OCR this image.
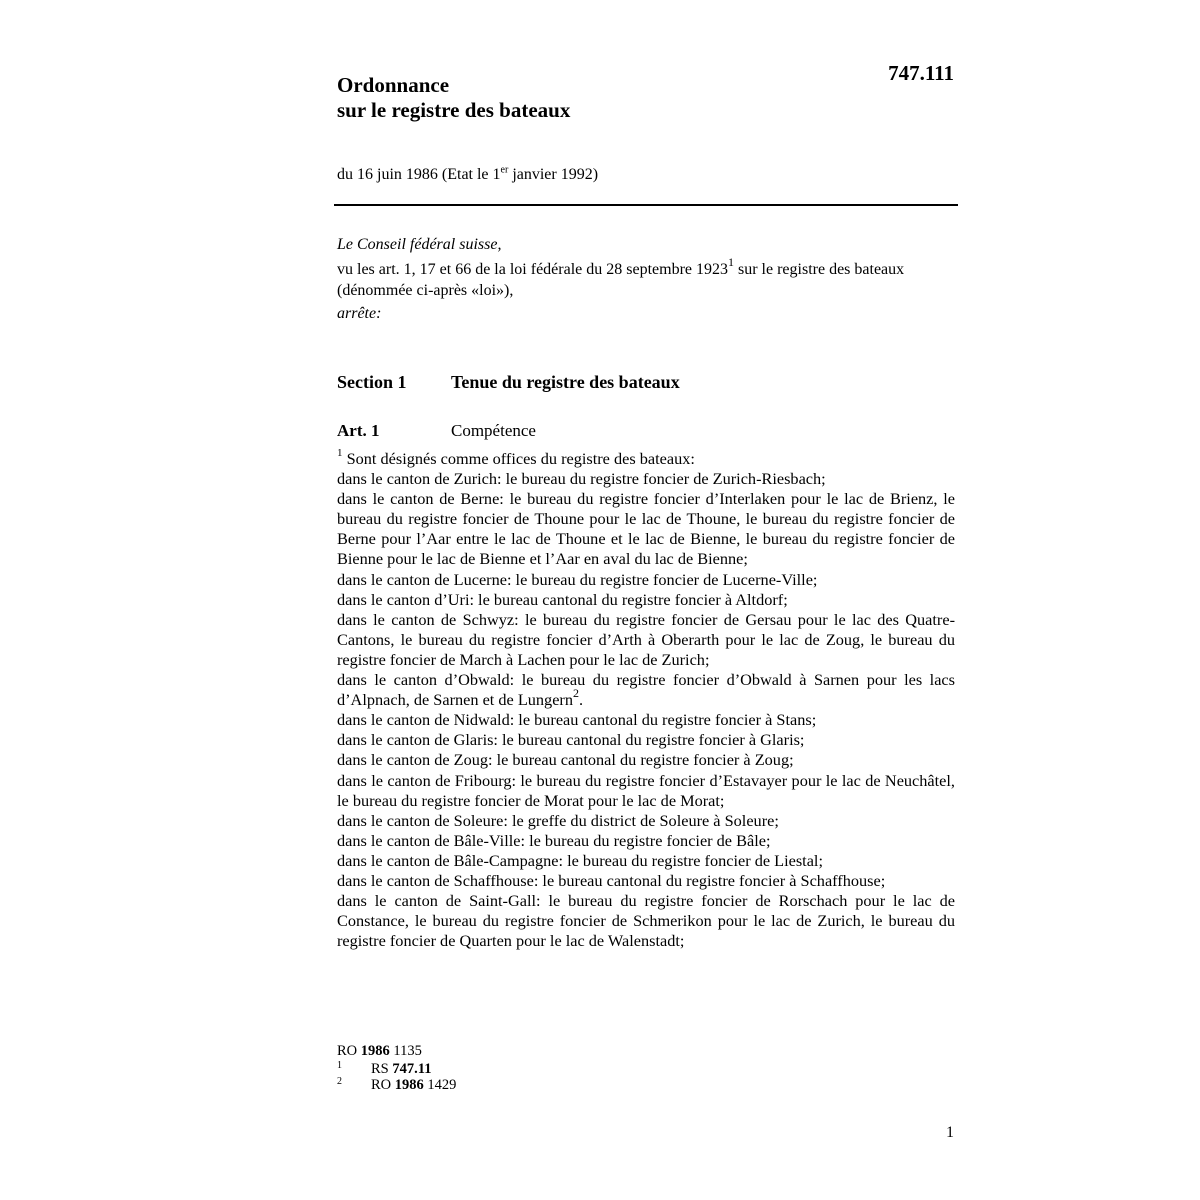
747.111
Ordonnance
sur le registre des bateaux
du 16 juin 1986 (Etat le 1er janvier 1992)

Le Conseil fédéral suisse,

vu les art. 1, 17 et 66 de la loi fédérale du 28 septembre 1923$^1$ sur le registre des bateaux (dénommée ci-après «loi»),

arrête:

Section 1 Tenue du registre des bateaux
Art. 1	Compétence

$^1$ Sont désignés comme offices du registre des bateaux:

dans le canton de Zurich: le bureau du registre foncier de Zurich-Riesbach;

dans le canton de Berne: le bureau du registre foncier d’Interlaken pour le lac de Brienz, le bureau du registre foncier de Thoune pour le lac de Thoune, le bureau du registre foncier de Berne pour l’Aar entre le lac de Thoune et le lac de Bienne, le bureau du registre foncier de Bienne pour le lac de Bienne et l’Aar en aval du lac de Bienne;

dans le canton de Lucerne: le bureau du registre foncier de Lucerne-Ville;

dans le canton d’Uri: le bureau cantonal du registre foncier à Altdorf;

dans le canton de Schwyz: le bureau du registre foncier de Gersau pour le lac des Quatre-Cantons, le bureau du registre foncier d’Arth à Oberarth pour le lac de Zoug, le bureau du registre foncier de March à Lachen pour le lac de Zurich;

dans le canton d’Obwald: le bureau du registre foncier d’Obwald à Sarnen pour les lacs d’Alpnach, de Sarnen et de Lungern$^2$.

dans le canton de Nidwald: le bureau cantonal du registre foncier à Stans;

dans le canton de Glaris: le bureau cantonal du registre foncier à Glaris;

dans le canton de Zoug: le bureau cantonal du registre foncier à Zoug;

dans le canton de Fribourg: le bureau du registre foncier d’Estavayer pour le lac de Neuchâtel, le bureau du registre foncier de Morat pour le lac de Morat;

dans le canton de Soleure: le greffe du district de Soleure à Soleure;

dans le canton de Bâle-Ville: le bureau du registre foncier de Bâle;

dans le canton de Bâle-Campagne: le bureau du registre foncier de Liestal;

dans le canton de Schaffhouse: le bureau cantonal du registre foncier à Schaffhouse;

dans le canton de Saint-Gall: le bureau du registre foncier de Rorschach pour le lac de Constance, le bureau du registre foncier de Schmerikon pour le lac de Zurich, le bureau du registre foncier de Quarten pour le lac de Walenstadt;

RO 1986 1135
1 RS 747.11
2 RO 1986 1429
1
